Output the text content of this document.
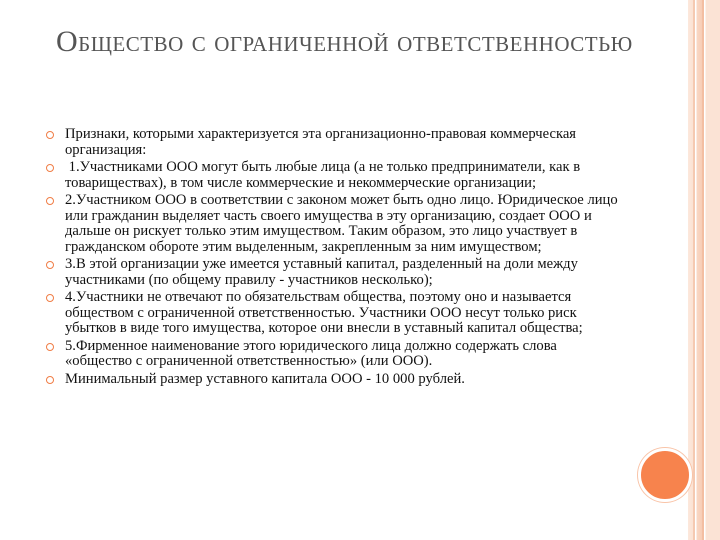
Общество с ограниченной ответственностью
Признаки, которыми характеризуется эта организационно-правовая коммерческая организация:
1.Участниками ООО могут быть любые лица (а не только предприниматели, как в товариществах), в том числе коммерческие и некоммерческие организации;
2.Участником ООО в соответствии с законом может быть одно лицо. Юридическое лицо или гражданин выделяет часть своего имущества в эту организацию, создает ООО и дальше он рискует только этим имуществом. Таким образом, это лицо участвует в гражданском обороте этим выделенным, закрепленным за ним имуществом;
3.В этой организации уже имеется уставный капитал, разделенный на доли между участниками (по общему правилу - участников несколько);
4.Участники не отвечают по обязательствам общества, поэтому оно и называется обществом с ограниченной ответственностью. Участники ООО несут только риск убытков в виде того имущества, которое они внесли в уставный капитал общества;
5.Фирменное наименование этого юридического лица должно содержать слова «общество с ограниченной ответственностью» (или ООО).
Минимальный размер уставного капитала ООО - 10 000 рублей.
